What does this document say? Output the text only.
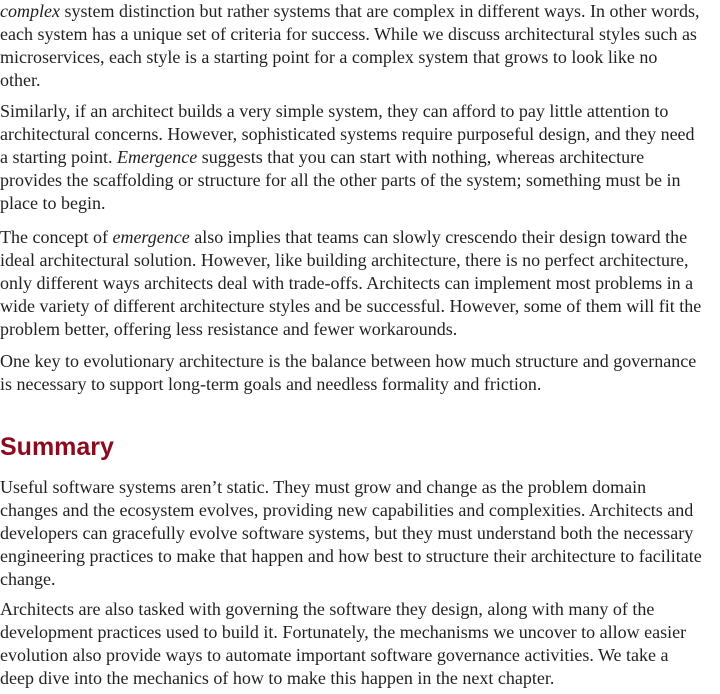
complex system distinction but rather systems that are complex in different ways. In other words,
each system has a unique set of criteria for success. While we discuss architectural styles such as
microservices, each style is a starting point for a complex system that grows to look like no
other.
Similarly, if an architect builds a very simple system, they can afford to pay little attention to
architectural concerns. However, sophisticated systems require purposeful design, and they need
a starting point. Emergence suggests that you can start with nothing, whereas architecture
provides the scaffolding or structure for all the other parts of the system; something must be in
place to begin.
The concept of emergence also implies that teams can slowly crescendo their design toward the
ideal architectural solution. However, like building architecture, there is no perfect architecture,
only different ways architects deal with trade-offs. Architects can implement most problems in a
wide variety of different architecture styles and be successful. However, some of them will fit the
problem better, offering less resistance and fewer workarounds.
One key to evolutionary architecture is the balance between how much structure and governance
is necessary to support long-term goals and needless formality and friction.
Summary
Useful software systems aren’t static. They must grow and change as the problem domain
changes and the ecosystem evolves, providing new capabilities and complexities. Architects and
developers can gracefully evolve software systems, but they must understand both the necessary
engineering practices to make that happen and how best to structure their architecture to facilitate
change.
Architects are also tasked with governing the software they design, along with many of the
development practices used to build it. Fortunately, the mechanisms we uncover to allow easier
evolution also provide ways to automate important software governance activities. We take a
deep dive into the mechanics of how to make this happen in the next chapter.
